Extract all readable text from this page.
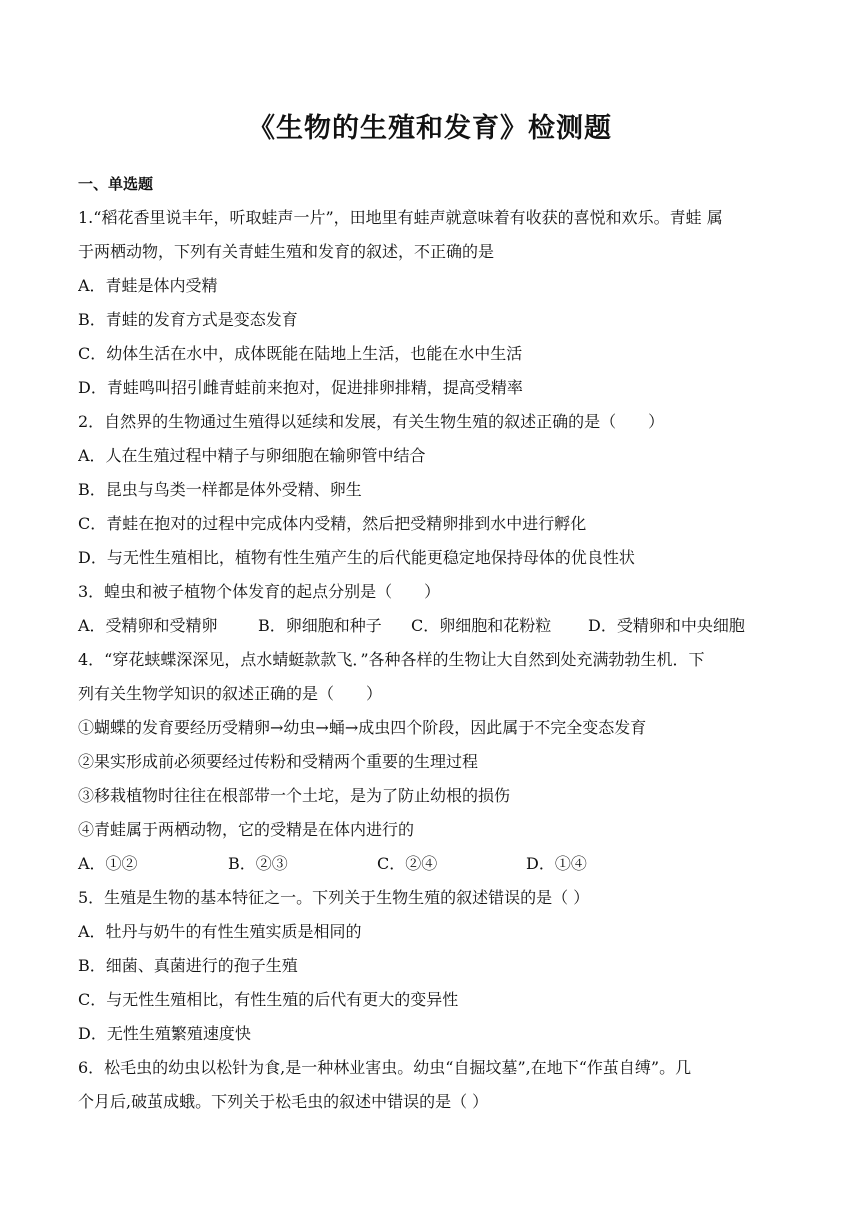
《生物的生殖和发育》检测题
一、单选题
1.“稻花香里说丰年，听取蛙声一片”，田地里有蛙声就意味着有收获的喜悦和欢乐。青蛙 属
于两栖动物，下列有关青蛙生殖和发育的叙述，不正确的是
A．青蛙是体内受精
B．青蛙的发育方式是变态发育
C．幼体生活在水中，成体既能在陆地上生活，也能在水中生活
D．青蛙鸣叫招引雌青蛙前来抱对，促进排卵排精，提高受精率
2．自然界的生物通过生殖得以延续和发展，有关生物生殖的叙述正确的是（　　）
A．人在生殖过程中精子与卵细胞在输卵管中结合
B．昆虫与鸟类一样都是体外受精、卵生
C．青蛙在抱对的过程中完成体内受精，然后把受精卵排到水中进行孵化
D．与无性生殖相比，植物有性生殖产生的后代能更稳定地保持母体的优良性状
3．蝗虫和被子植物个体发育的起点分别是（　　）
A．受精卵和受精卵	B．卵细胞和种子 C．卵细胞和花粉粒 D．受精卵和中央细胞
4．“穿花蛱蝶深深见，点水蜻蜓款款飞．”各种各样的生物让大自然到处充满勃勃生机．下
列有关生物学知识的叙述正确的是（　　）
①蝴蝶的发育要经历受精卵→幼虫→蛹→成虫四个阶段，因此属于不完全变态发育
②果实形成前必须要经过传粉和受精两个重要的生理过程
③移栽植物时往往在根部带一个土坨，是为了防止幼根的损伤
④青蛙属于两栖动物，它的受精是在体内进行的
A．①②	B．②③	C．②④	D．①④
5．生殖是生物的基本特征之一。下列关于生物生殖的叙述错误的是（ ）
A．牡丹与奶牛的有性生殖实质是相同的
B．细菌、真菌进行的孢子生殖
C．与无性生殖相比，有性生殖的后代有更大的变异性
D．无性生殖繁殖速度快
6．松毛虫的幼虫以松针为食,是一种林业害虫。幼虫“自掘坟墓”,在地下“作茧自缚”。几
个月后,破茧成蛾。下列关于松毛虫的叙述中错误的是（ ）
